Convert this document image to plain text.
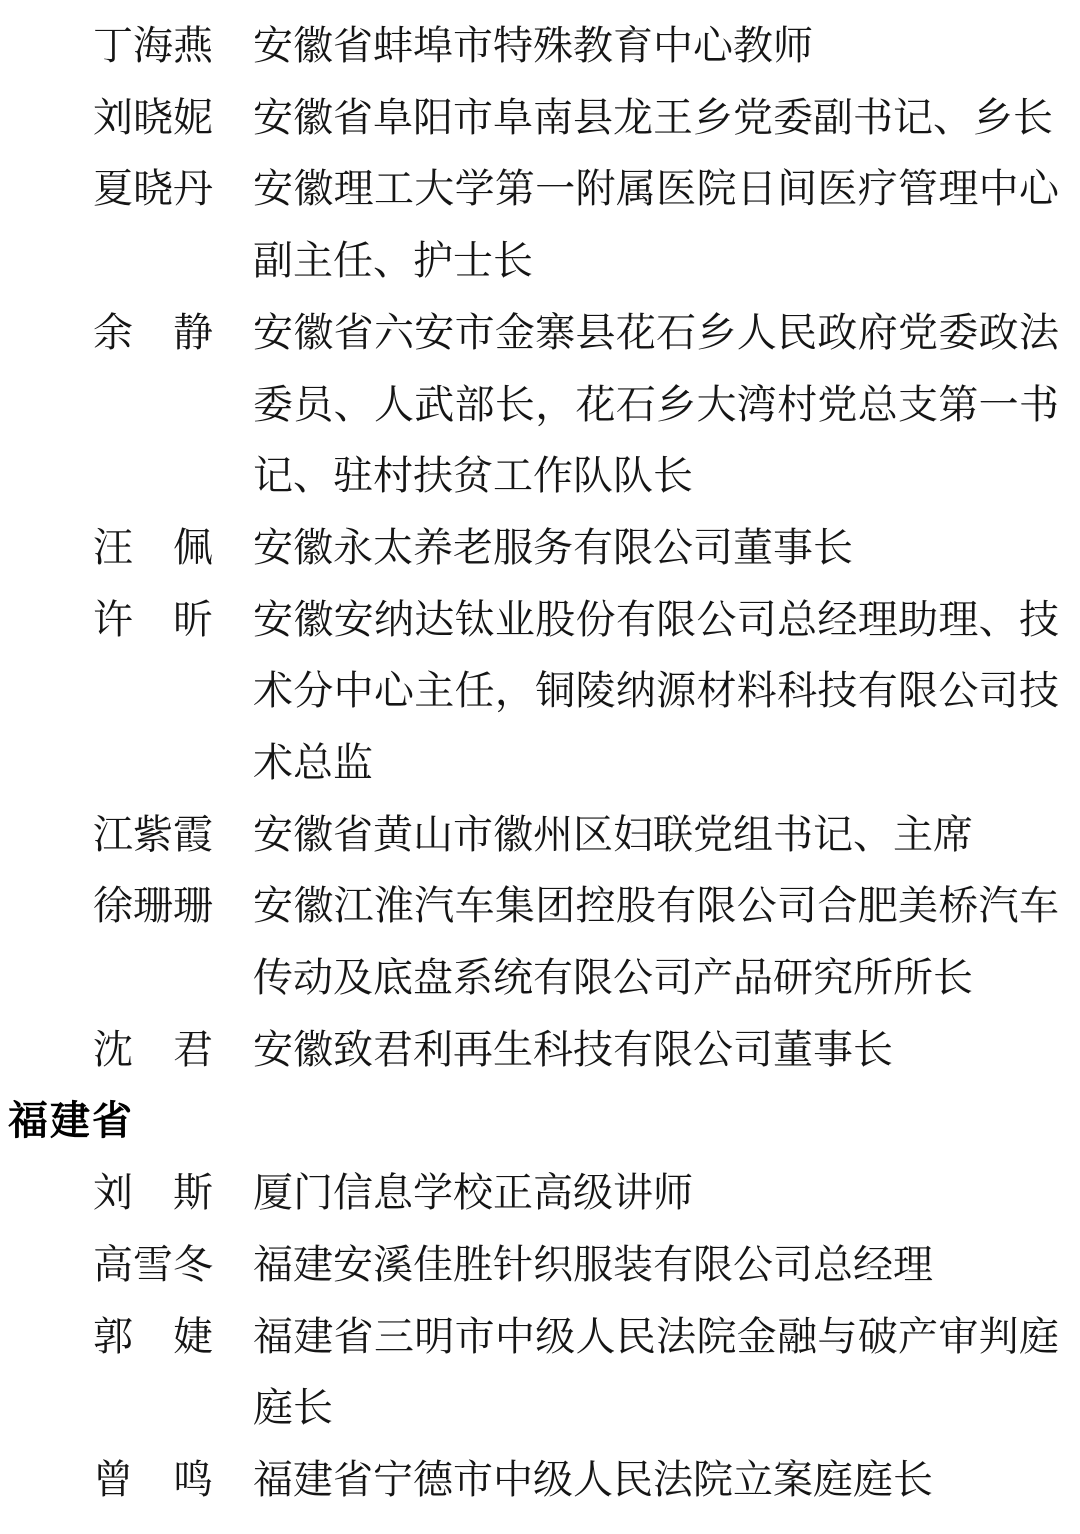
丁海燕 安徽省蚌埠市特殊教育中心教师
刘晓妮 安徽省阜阳市阜南县龙王乡党委副书记、乡长
夏晓丹 安徽理工大学第一附属医院日间医疗管理中心副主任、护士长
余　静 安徽省六安市金寨县花石乡人民政府党委政法委员、人武部长，花石乡大湾村党总支第一书记、驻村扶贫工作队队长
汪　佩 安徽永太养老服务有限公司董事长
许　昕 安徽安纳达钛业股份有限公司总经理助理、技术分中心主任，铜陵纳源材料科技有限公司技术总监
江紫霞 安徽省黄山市徽州区妇联党组书记、主席
徐珊珊 安徽江淮汽车集团控股有限公司合肥美桥汽车传动及底盘系统有限公司产品研究所所长
沈　君 安徽致君利再生科技有限公司董事长
福建省
刘　斯 厦门信息学校正高级讲师
高雪冬 福建安溪佳胜针织服装有限公司总经理
郭　婕 福建省三明市中级人民法院金融与破产审判庭庭长
曾　鸣 福建省宁德市中级人民法院立案庭庭长
